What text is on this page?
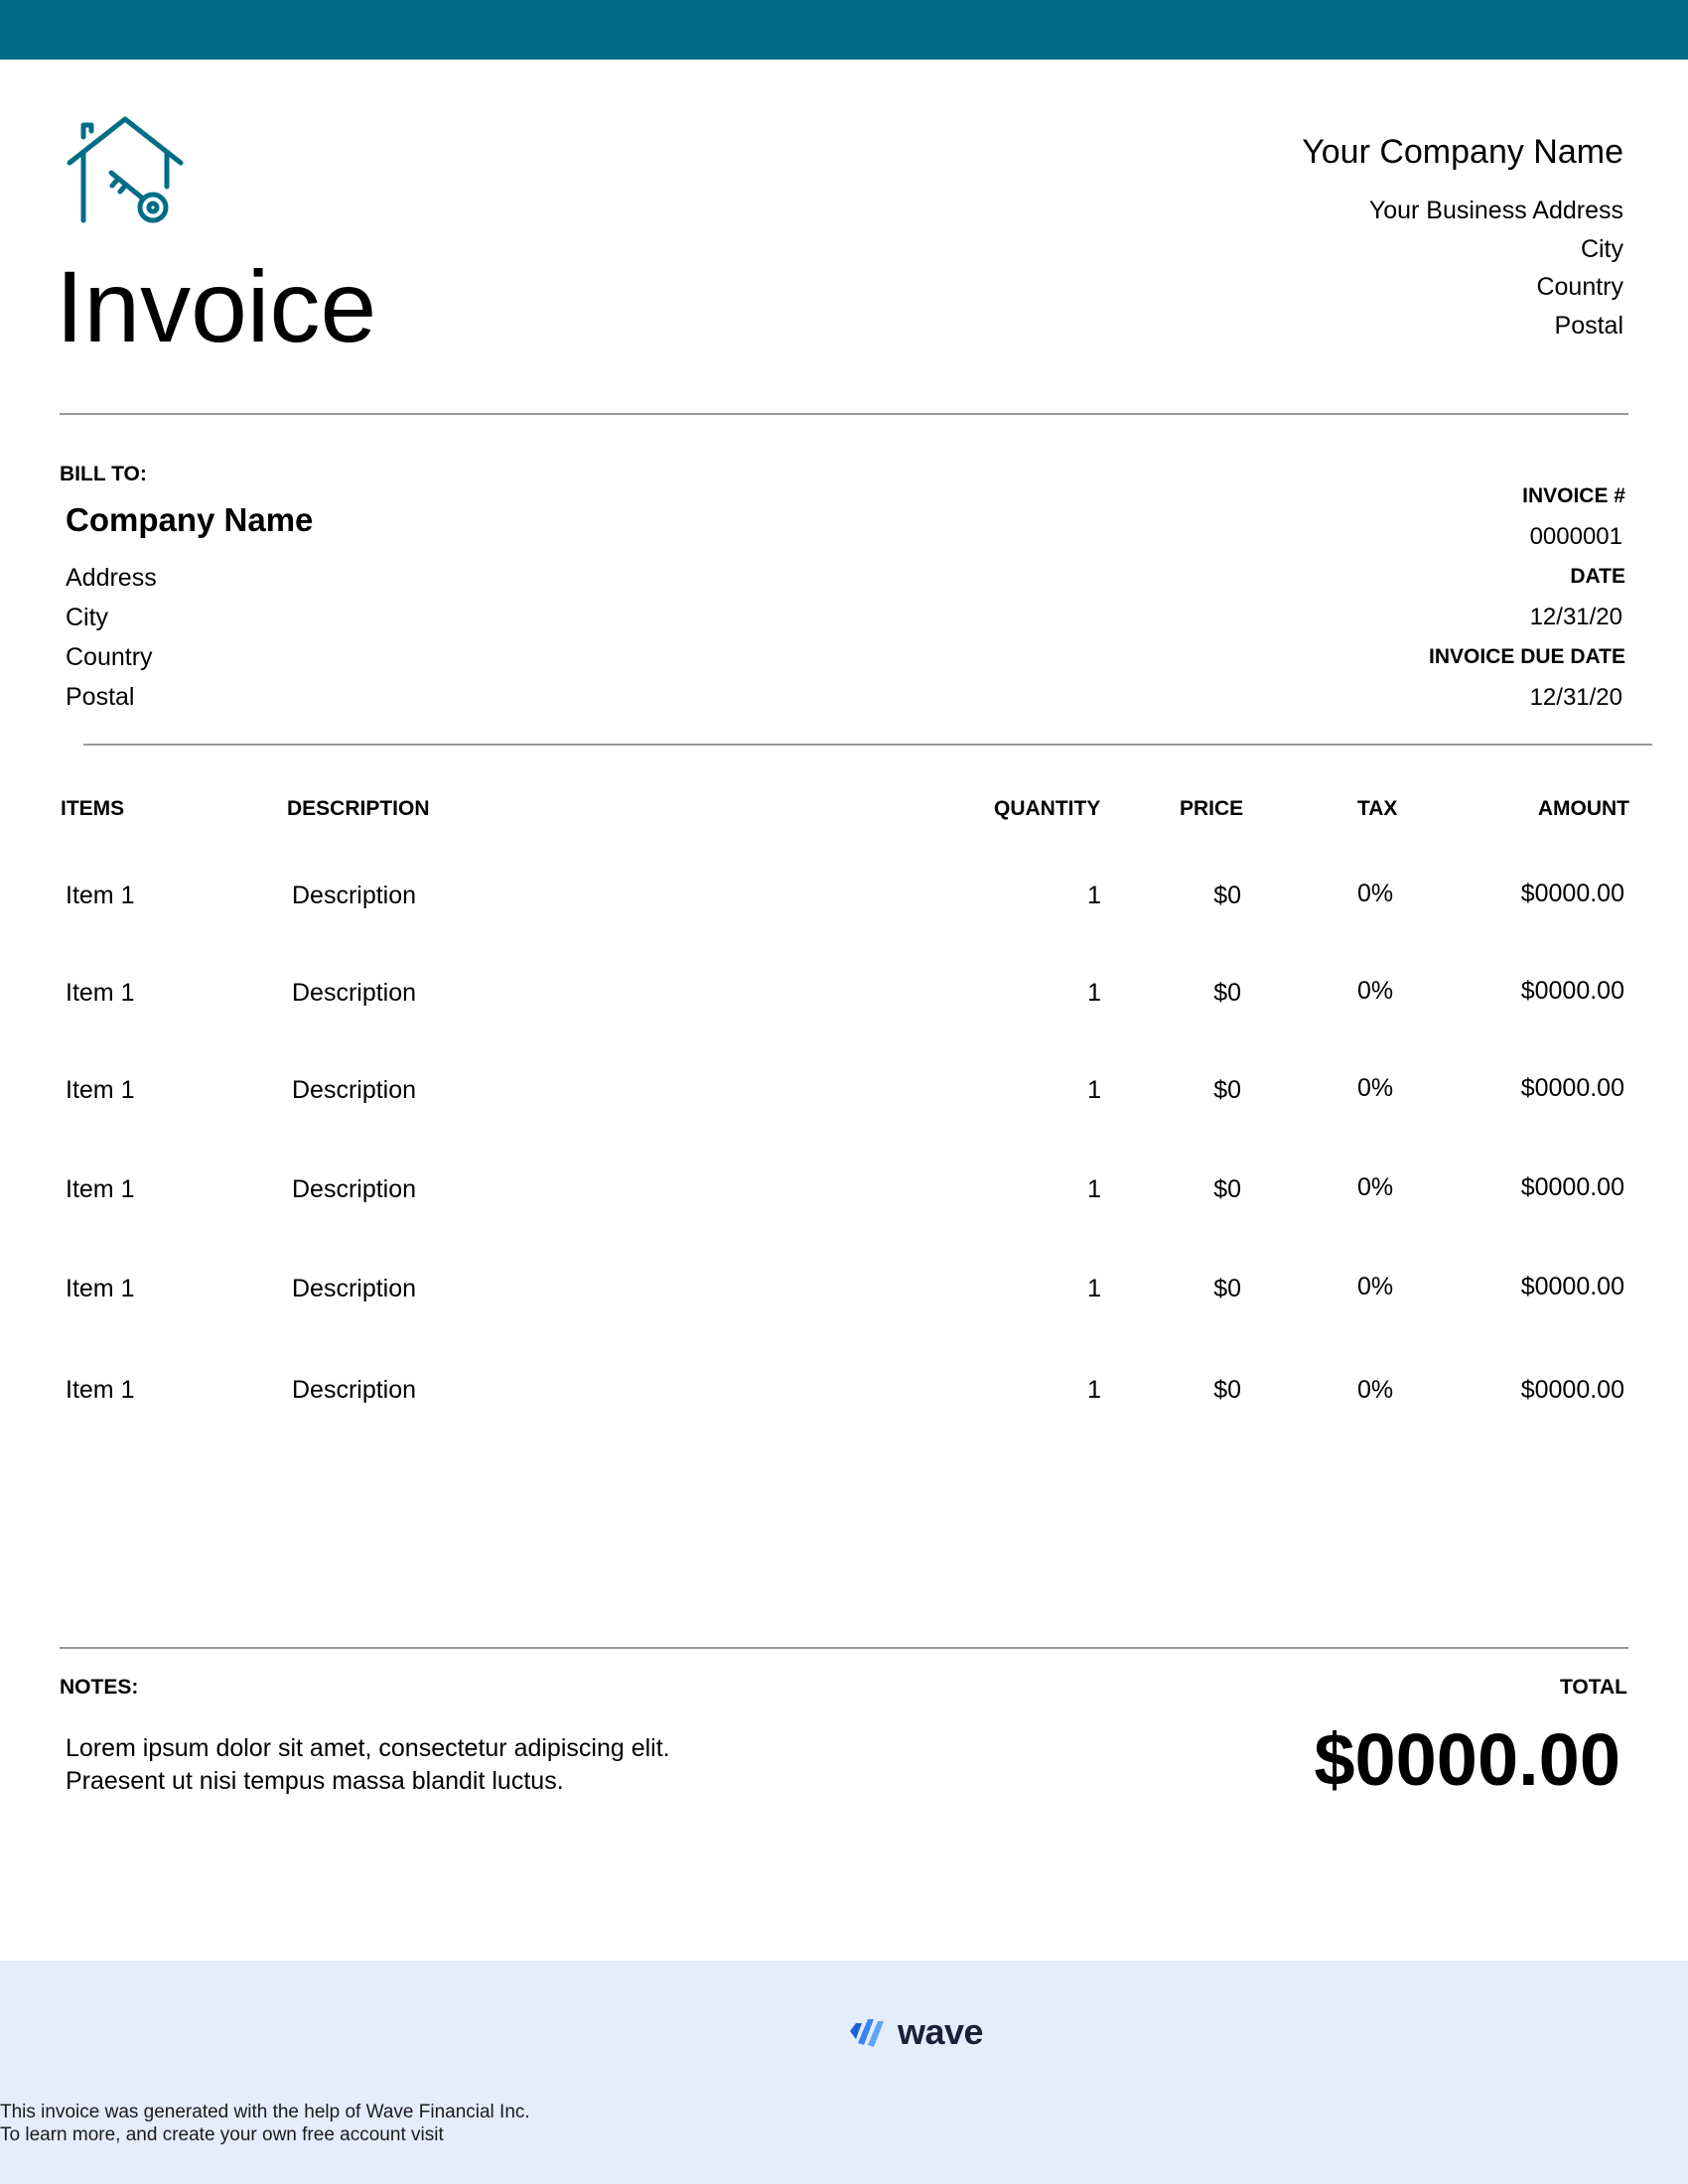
Invoice
Your Company Name
Your Business Address
City
Country
Postal
BILL TO:
Company Name
Address
City
Country
Postal
INVOICE #
0000001
DATE
12/31/20
INVOICE DUE DATE
12/31/20
ITEMS	DESCRIPTION	QUANTITY	PRICE	TAX	AMOUNT
Item 1	Description	1	$0	0%	$0000.00
Item 1	Description	1	$0	0%	$0000.00
Item 1	Description	1	$0	0%	$0000.00
Item 1	Description	1	$0	0%	$0000.00
Item 1	Description	1	$0	0%	$0000.00
Item 1	Description	1	$0	0%	$0000.00
NOTES:
Lorem ipsum dolor sit amet, consectetur adipiscing elit.
Praesent ut nisi tempus massa blandit luctus.
TOTAL
$0000.00
wave
This invoice was generated with the help of Wave Financial Inc.
To learn more, and create your own free account visit
